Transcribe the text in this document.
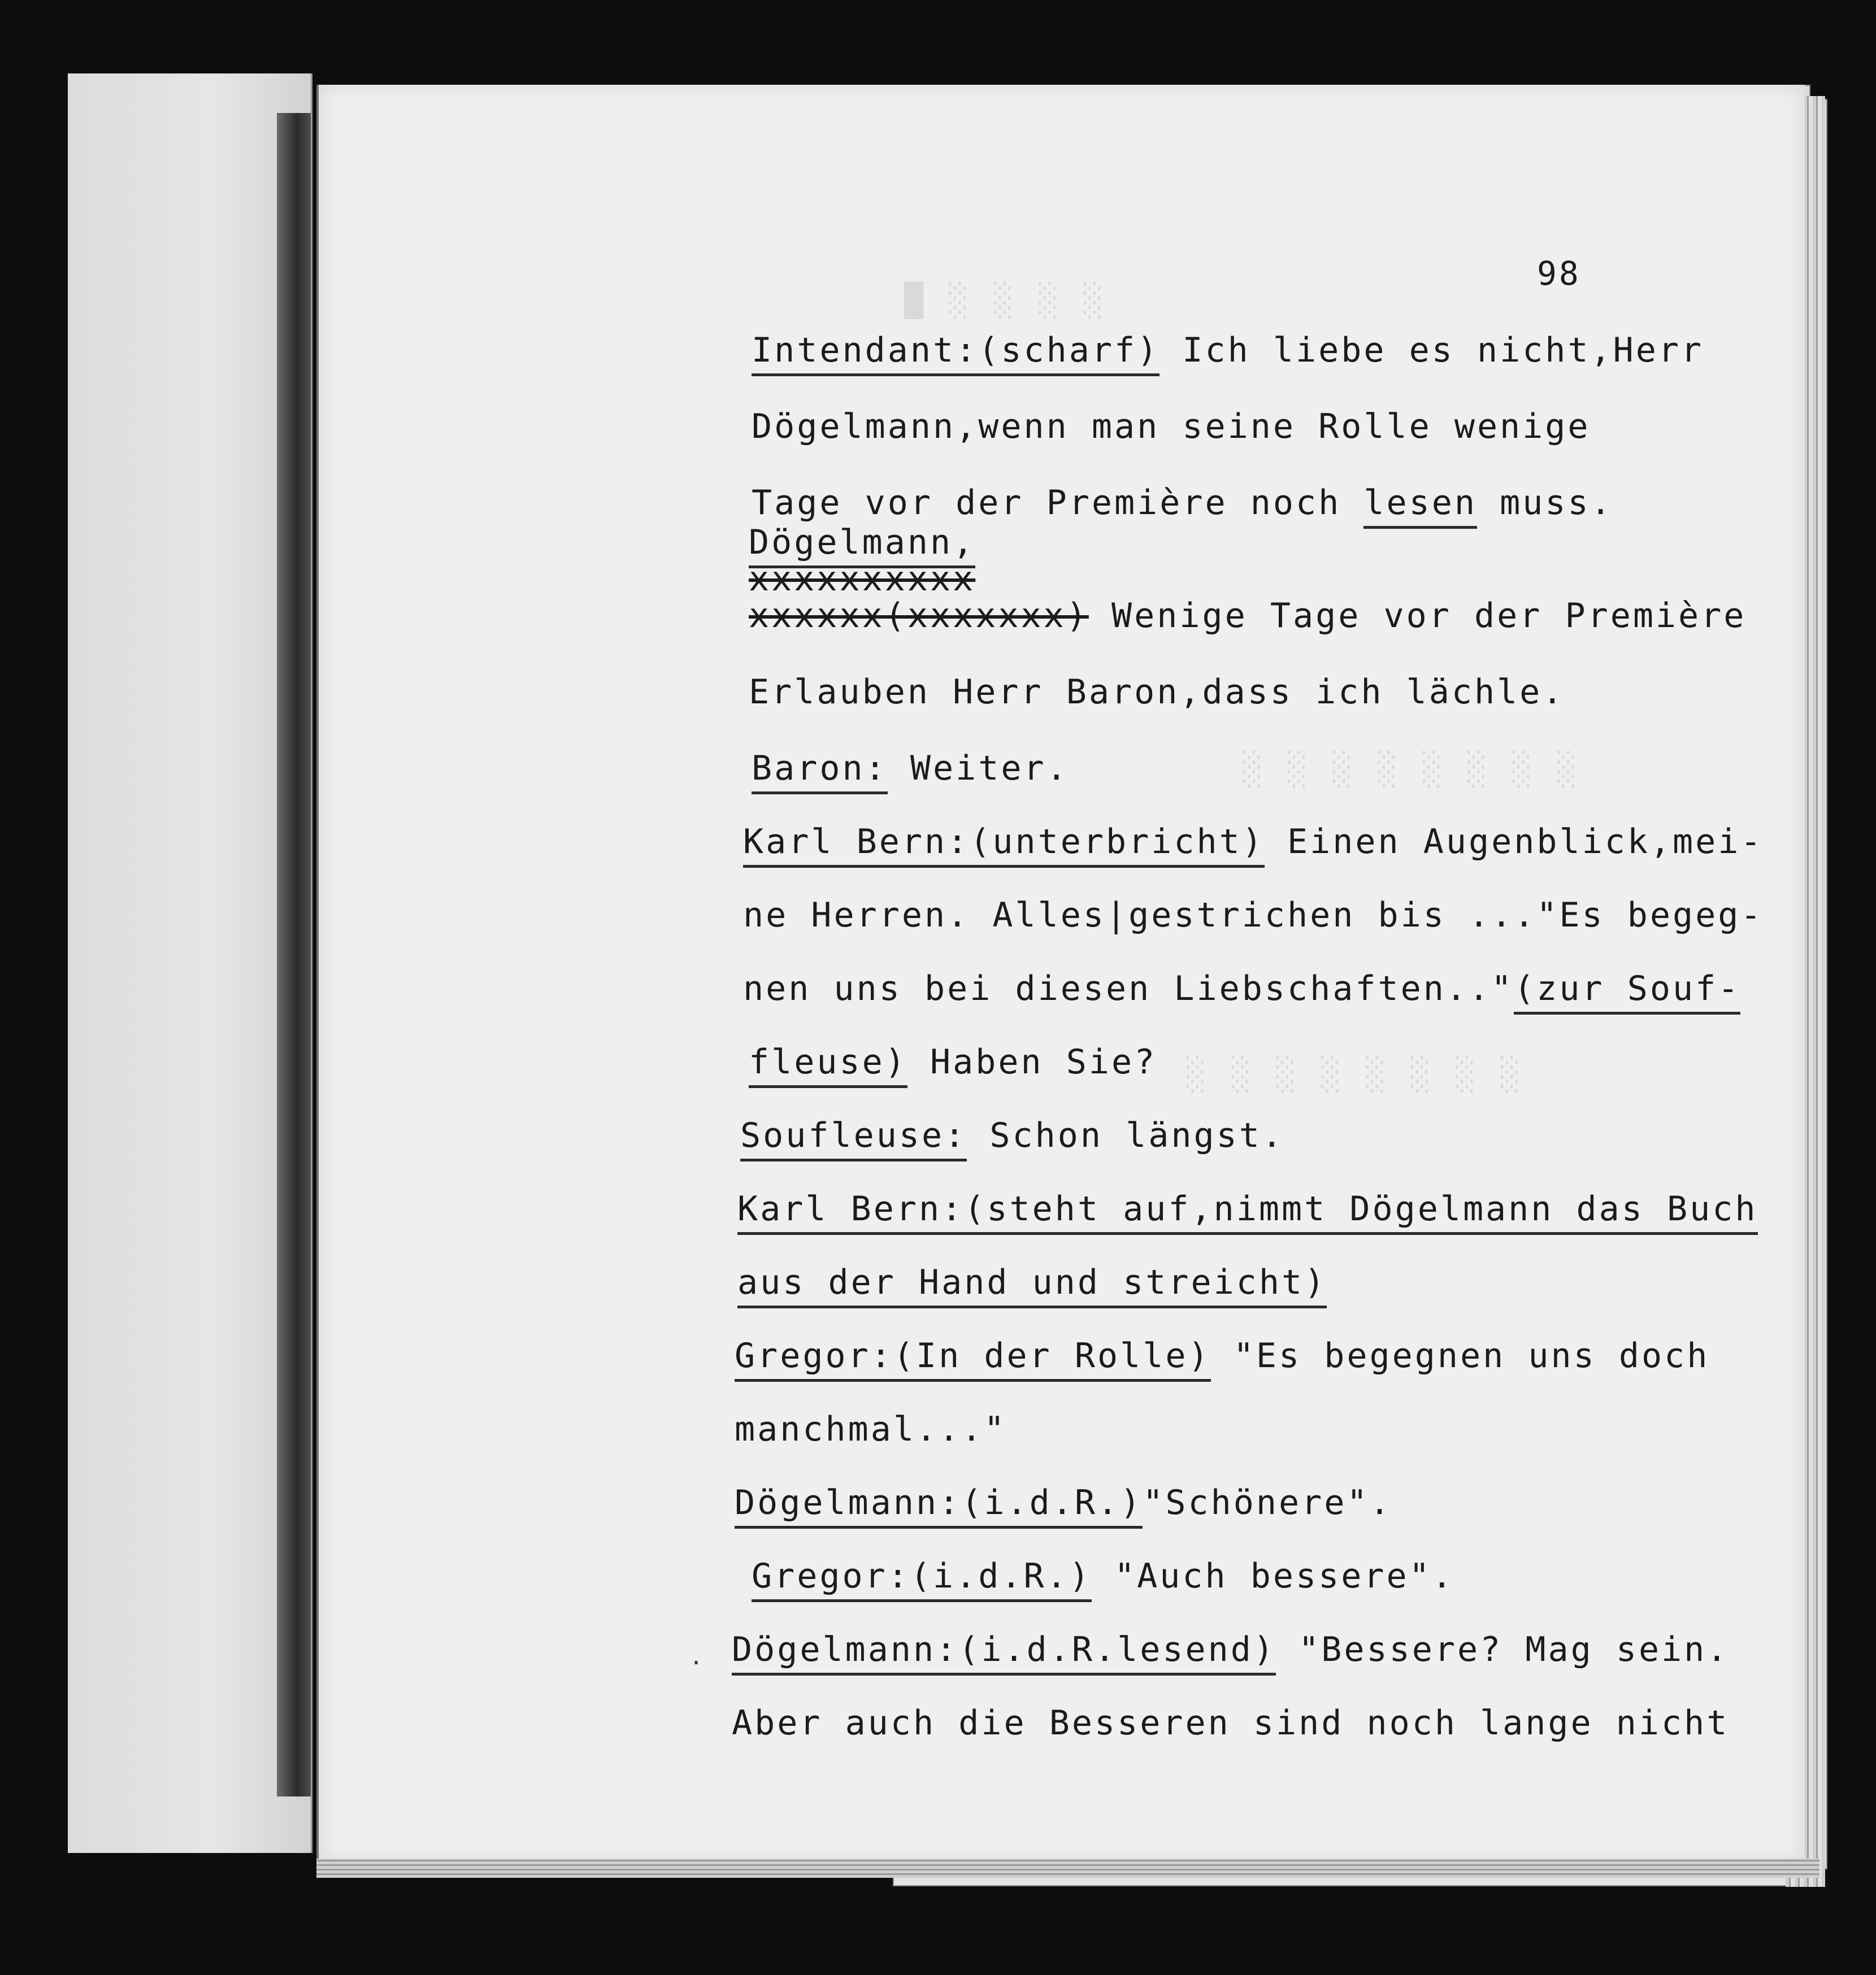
█ ░ ░ ░ ░
░ ░ ░ ░ ░ ░ ░ ░
░ ░ ░ ░ ░ ░ ░ ░
98
Intendant:(scharf) Ich liebe es nicht,Herr
Dögelmann,wenn man seine Rolle wenige
Tage vor der Première noch lesen muss.
Dögelmann,
xxxxxxxxxx
xxxxxx(xxxxxxx) Wenige Tage vor der Première
Erlauben Herr Baron,dass ich lächle.
Baron: Weiter.
Karl Bern:(unterbricht) Einen Augenblick,mei-
ne Herren. Alles|gestrichen bis ..."Es begeg-
nen uns bei diesen Liebschaften.."(zur Souf-
fleuse) Haben Sie?
Soufleuse: Schon längst.
Karl Bern:(steht auf,nimmt Dögelmann das Buch
aus der Hand und streicht)
Gregor:(In der Rolle) "Es begegnen uns doch
manchmal..."
Dögelmann:(i.d.R.)"Schönere".
Gregor:(i.d.R.) "Auch bessere".
Dögelmann:(i.d.R.lesend) "Bessere? Mag sein.
Aber auch die Besseren sind noch lange nicht
.
